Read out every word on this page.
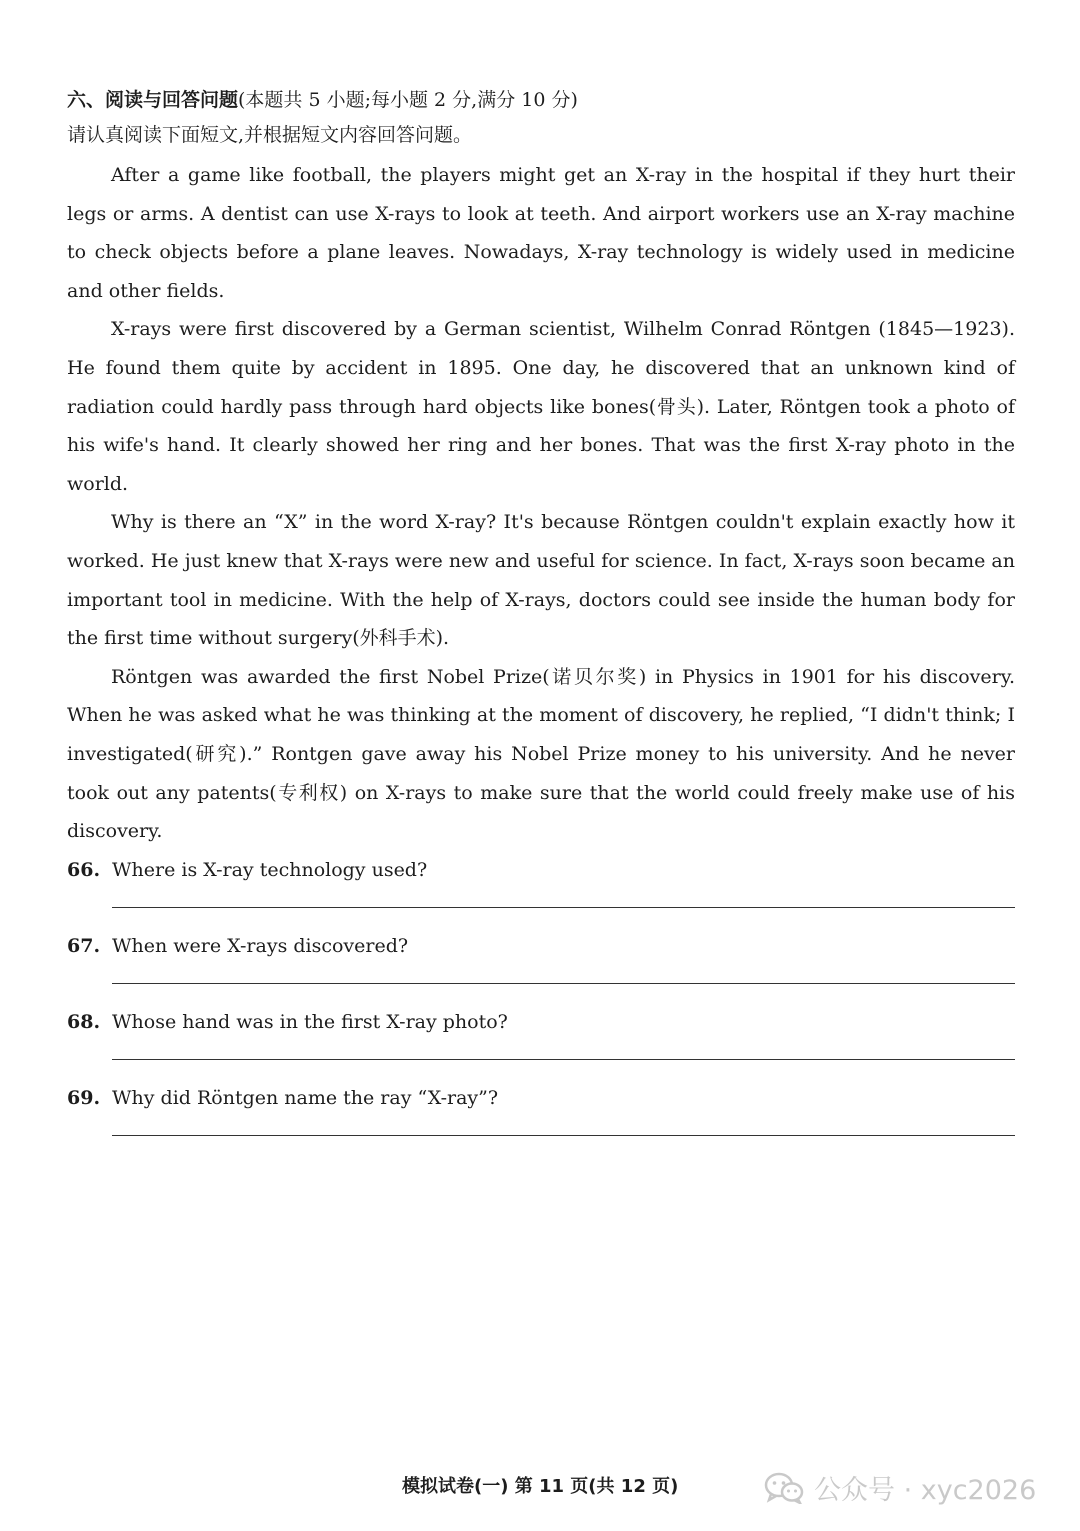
六、阅读与回答问题(本题共 5 小题;每小题 2 分,满分 10 分)
请认真阅读下面短文,并根据短文内容回答问题。

After a game like football, the players might get an X-ray in the hospital if they hurt their legs or arms. A dentist can use X-rays to look at teeth. And airport workers use an X-ray machine to check objects before a plane leaves. Nowadays, X-ray technology is widely used in medicine and other fields.

X-rays were first discovered by a German scientist, Wilhelm Conrad Röntgen (1845—1923). He found them quite by accident in 1895. One day, he discovered that an unknown kind of radiation could hardly pass through hard objects like bones(骨头). Later, Röntgen took a photo of his wife's hand. It clearly showed her ring and her bones. That was the first X-ray photo in the world.

Why is there an “X” in the word X-ray? It's because Röntgen couldn't explain exactly how it worked. He just knew that X-rays were new and useful for science. In fact, X-rays soon became an important tool in medicine. With the help of X-rays, doctors could see inside the human body for the first time without surgery(外科手术).

Röntgen was awarded the first Nobel Prize(诺贝尔奖) in Physics in 1901 for his discovery. When he was asked what he was thinking at the moment of discovery, he replied, “I didn't think; I investigated(研究).” Rontgen gave away his Nobel Prize money to his university. And he never took out any patents(专利权) on X-rays to make sure that the world could freely make use of his discovery.

66. Where is X-ray technology used?
67. When were X-rays discovered?
68. Whose hand was in the first X-ray photo?
69. Why did Röntgen name the ray “X-ray”?
模拟试卷(一) 第 11 页(共 12 页)	公众号 · xyc2026
